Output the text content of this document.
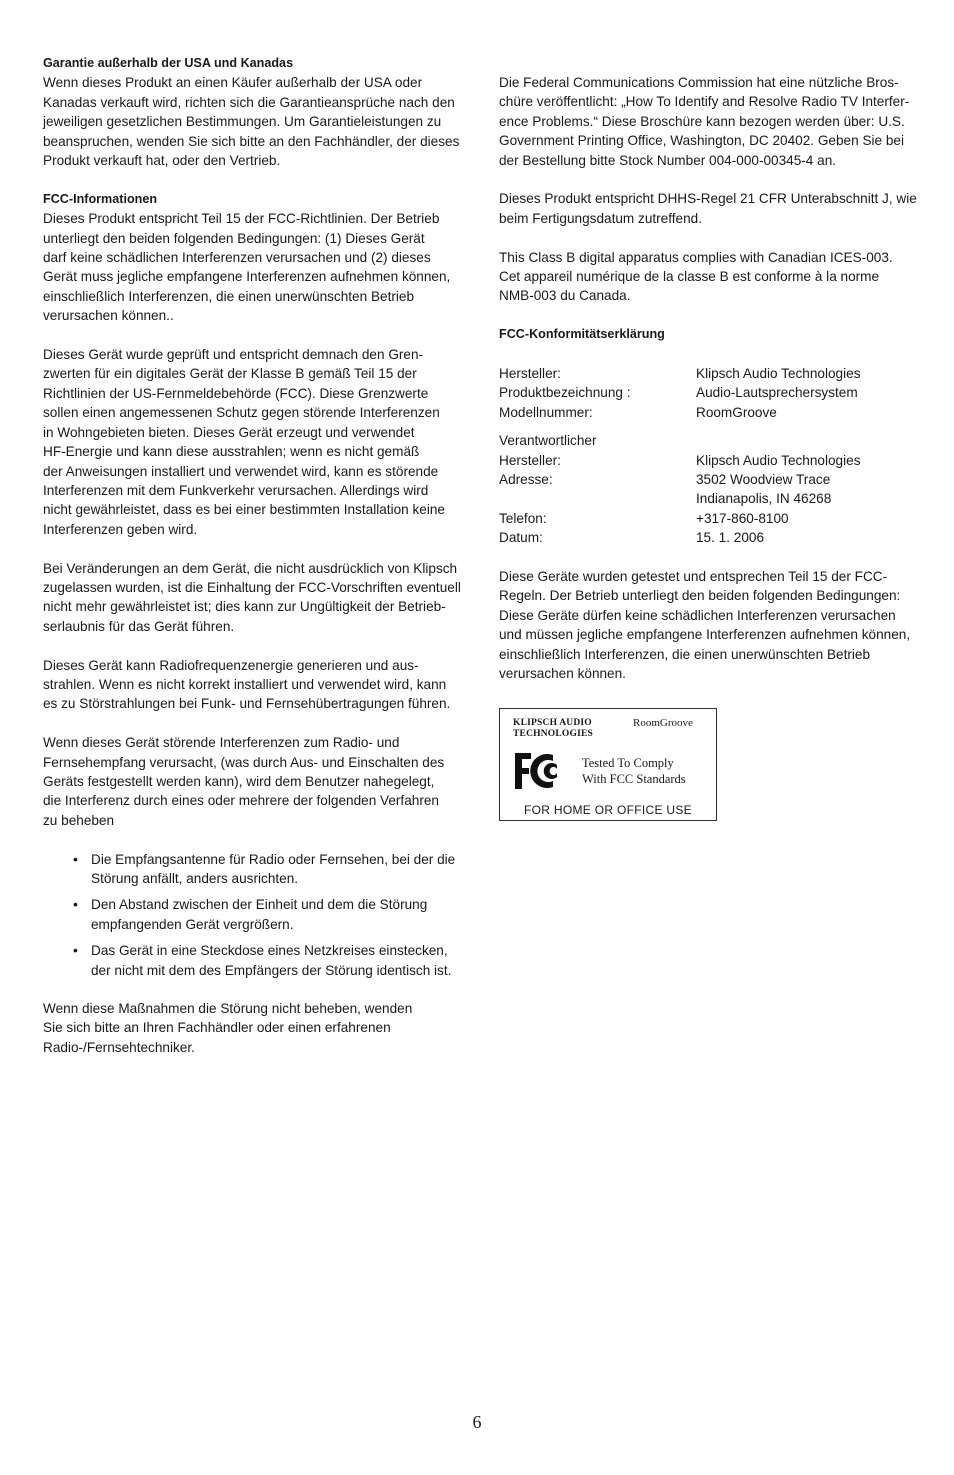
Garantie außerhalb der USA und Kanadas

Wenn dieses Produkt an einen Käufer außerhalb der USA oder
Kanadas verkauft wird, richten sich die Garantieansprüche nach den
jeweiligen gesetzlichen Bestimmungen. Um Garantieleistungen zu
beanspruchen, wenden Sie sich bitte an den Fachhändler, der dieses
Produkt verkauft hat, oder den Vertrieb.

FCC-Informationen

Dieses Produkt entspricht Teil 15 der FCC-Richtlinien. Der Betrieb
unterliegt den beiden folgenden Bedingungen: (1) Dieses Gerät
darf keine schädlichen Interferenzen verursachen und (2) dieses
Gerät muss jegliche empfangene Interferenzen aufnehmen können,
einschließlich Interferenzen, die einen unerwünschten Betrieb
verursachen können..

Dieses Gerät wurde geprüft und entspricht demnach den Gren-
zwerten für ein digitales Gerät der Klasse B gemäß Teil 15 der
Richtlinien der US-Fernmeldebehörde (FCC). Diese Grenzwerte
sollen einen angemessenen Schutz gegen störende Interferenzen
in Wohngebieten bieten. Dieses Gerät erzeugt und verwendet
HF-Energie und kann diese ausstrahlen; wenn es nicht gemäß
der Anweisungen installiert und verwendet wird, kann es störende
Interferenzen mit dem Funkverkehr verursachen. Allerdings wird
nicht gewährleistet, dass es bei einer bestimmten Installation keine
Interferenzen geben wird.

Bei Veränderungen an dem Gerät, die nicht ausdrücklich von Klipsch
zugelassen wurden, ist die Einhaltung der FCC-Vorschriften eventuell
nicht mehr gewährleistet ist; dies kann zur Ungültigkeit der Betrieb-
serlaubnis für das Gerät führen.

Dieses Gerät kann Radiofrequenzenergie generieren und aus-
strahlen. Wenn es nicht korrekt installiert und verwendet wird, kann
es zu Störstrahlungen bei Funk- und Fernsehübertragungen führen.

Wenn dieses Gerät störende Interferenzen zum Radio- und
Fernsehempfang verursacht, (was durch Aus- und Einschalten des
Geräts festgestellt werden kann), wird dem Benutzer nahegelegt,
die Interferenz durch eines oder mehrere der folgenden Verfahren
zu beheben

• Die Empfangsantenne für Radio oder Fernsehen, bei der die
Störung anfällt, anders ausrichten.
• Den Abstand zwischen der Einheit und dem die Störung
empfangenden Gerät vergrößern.
• Das Gerät in eine Steckdose eines Netzkreises einstecken,
der nicht mit dem des Empfängers der Störung identisch ist.

Wenn diese Maßnahmen die Störung nicht beheben, wenden
Sie sich bitte an Ihren Fachhändler oder einen erfahrenen
Radio-/Fernsehtechniker.

Die Federal Communications Commission hat eine nützliche Bros-
chüre veröffentlicht: „How To Identify and Resolve Radio TV Interfer-
ence Problems.“ Diese Broschüre kann bezogen werden über: U.S.
Government Printing Office, Washington, DC 20402. Geben Sie bei
der Bestellung bitte Stock Number 004-000-00345-4 an.

Dieses Produkt entspricht DHHS-Regel 21 CFR Unterabschnitt J, wie
beim Fertigungsdatum zutreffend.

This Class B digital apparatus complies with Canadian ICES-003.
Cet appareil numérique de la classe B est conforme à la norme
NMB-003 du Canada.

FCC-Konformitätserklärung
Hersteller:	Klipsch Audio Technologies
Produktbezeichnung :	Audio-Lautsprechersystem
Modellnummer:	RoomGroove
Verantwortlicher
Hersteller:	Klipsch Audio Technologies
Adresse:	3502 Woodview Trace
Indianapolis, IN 46268
Telefon:	+317-860-8100
Datum:	15. 1. 2006

Diese Geräte wurden getestet und entsprechen Teil 15 der FCC-
Regeln. Der Betrieb unterliegt den beiden folgenden Bedingungen:
Diese Geräte dürfen keine schädlichen Interferenzen verursachen
und müssen jegliche empfangene Interferenzen aufnehmen können,
einschließlich Interferenzen, die einen unerwünschten Betrieb
verursachen können.

KLIPSCH AUDIO
TECHNOLOGIES
RoomGroove
Tested To Comply
With FCC Standards
FOR HOME OR OFFICE USE
6
